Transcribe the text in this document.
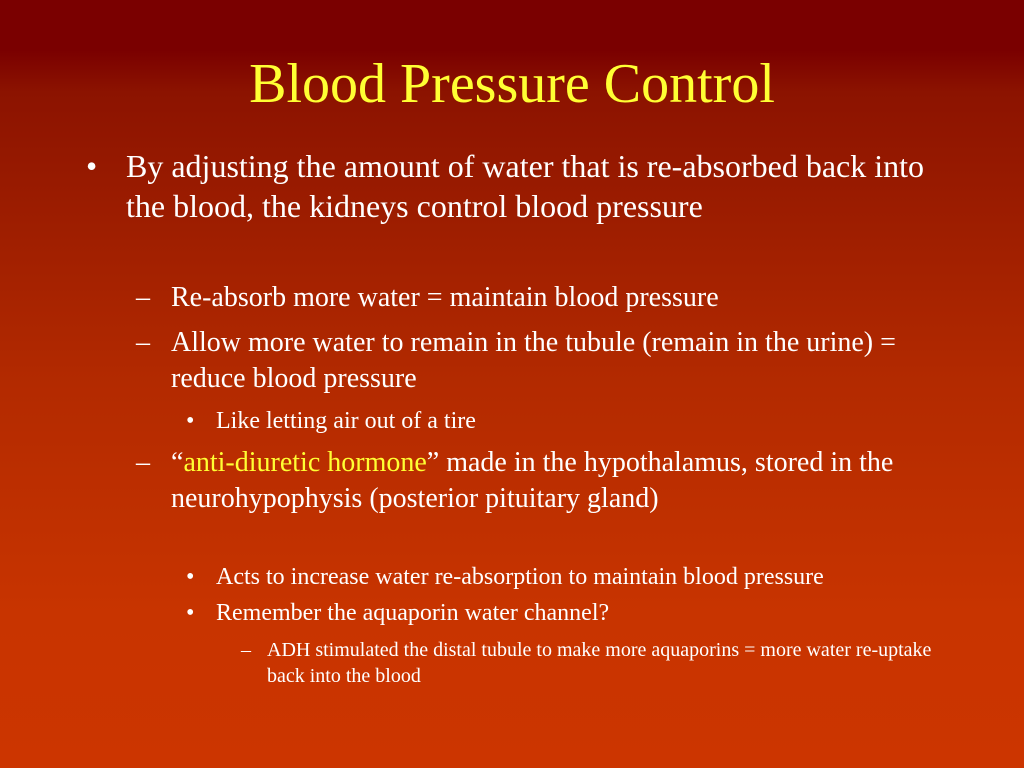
Blood Pressure Control
• By adjusting the amount of water that is re-absorbed back into the blood, the kidneys control blood pressure
– Re-absorb more water = maintain blood pressure
– Allow more water to remain in the tubule (remain in the urine) = reduce blood pressure
• Like letting air out of a tire
– “anti-diuretic hormone” made in the hypothalamus, stored in the neurohypophysis (posterior pituitary gland)
• Acts to increase water re-absorption to maintain blood pressure
• Remember the aquaporin water channel?
– ADH stimulated the distal tubule to make more aquaporins = more water re-uptake back into the blood
